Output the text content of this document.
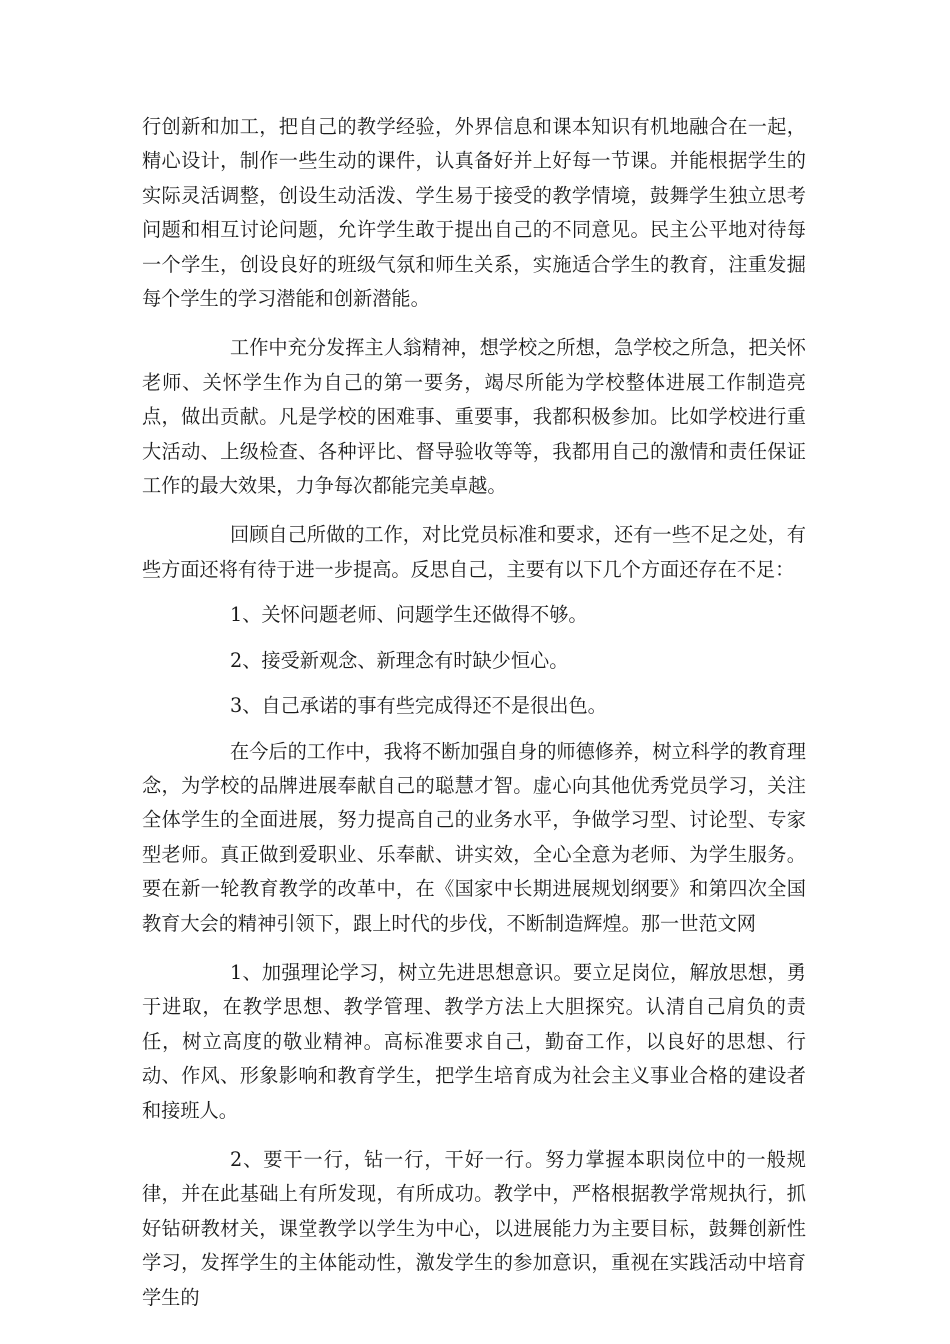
行创新和加工，把自己的教学经验，外界信息和课本知识有机地融合在一起，精心设计，制作一些生动的课件，认真备好并上好每一节课。并能根据学生的实际灵活调整，创设生动活泼、学生易于接受的教学情境，鼓舞学生独立思考问题和相互讨论问题，允许学生敢于提出自己的不同意见。民主公平地对待每一个学生，创设良好的班级气氛和师生关系，实施适合学生的教育，注重发掘每个学生的学习潜能和创新潜能。

工作中充分发挥主人翁精神，想学校之所想，急学校之所急，把关怀老师、关怀学生作为自己的第一要务，竭尽所能为学校整体进展工作制造亮点，做出贡献。凡是学校的困难事、重要事，我都积极参加。比如学校进行重大活动、上级检查、各种评比、督导验收等等，我都用自己的激情和责任保证工作的最大效果，力争每次都能完美卓越。

回顾自己所做的工作，对比党员标准和要求，还有一些不足之处，有些方面还将有待于进一步提高。反思自己，主要有以下几个方面还存在不足：

1、关怀问题老师、问题学生还做得不够。

2、接受新观念、新理念有时缺少恒心。

3、自己承诺的事有些完成得还不是很出色。

在今后的工作中，我将不断加强自身的师德修养，树立科学的教育理念，为学校的品牌进展奉献自己的聪慧才智。虚心向其他优秀党员学习，关注全体学生的全面进展，努力提高自己的业务水平，争做学习型、讨论型、专家型老师。真正做到爱职业、乐奉献、讲实效，全心全意为老师、为学生服务。要在新一轮教育教学的改革中，在《国家中长期进展规划纲要》和第四次全国教育大会的精神引领下，跟上时代的步伐，不断制造辉煌。那一世范文网

1、加强理论学习，树立先进思想意识。要立足岗位，解放思想，勇于进取，在教学思想、教学管理、教学方法上大胆探究。认清自己肩负的责任，树立高度的敬业精神。高标准要求自己，勤奋工作，以良好的思想、行动、作风、形象影响和教育学生，把学生培育成为社会主义事业合格的建设者和接班人。

2、要干一行，钻一行，干好一行。努力掌握本职岗位中的一般规律，并在此基础上有所发现，有所成功。教学中，严格根据教学常规执行，抓好钻研教材关，课堂教学以学生为中心，以进展能力为主要目标，鼓舞创新性学习，发挥学生的主体能动性，激发学生的参加意识，重视在实践活动中培育学生的
